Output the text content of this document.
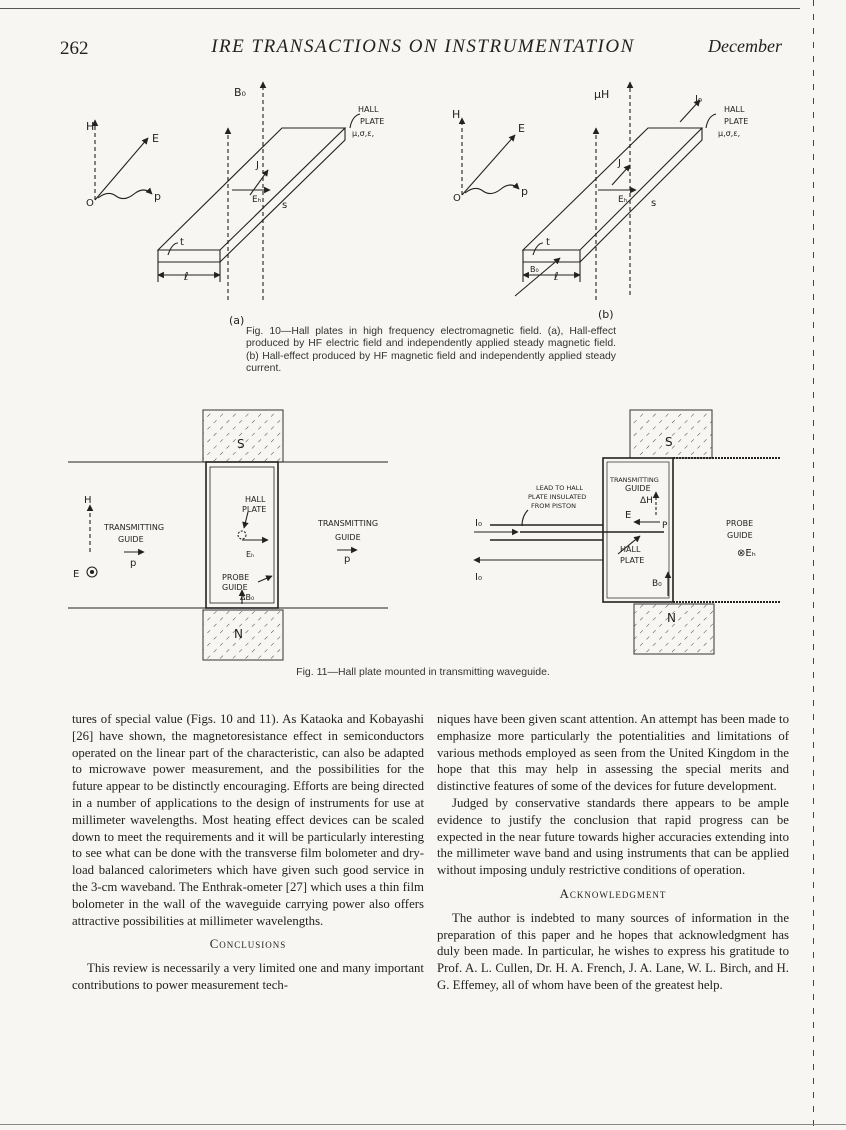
262	IRE TRANSACTIONS ON INSTRUMENTATION	December
B₀
H
E
O
p
HALL
PLATE
μ,σ,ε,
J
Eₕ s
t
ℓ
(a)
μH	I₀
H
E
O
p
HALL
PLATE
μ,σ,ε,
J
Eₕ s
t
ℓ
B₀
(b)
S
N
H
E
TRANSMITTING
GUIDE
p
TRANSMITTING
GUIDE
p
HALL
PLATE
Eₕ
PROBE
GUIDE
ΔB₀
S
N
TRANSMITTING
GUIDE
ΔH
LEAD TO HALL
PLATE INSULATED
FROM PISTON
I₀
I₀
E
P
HALL
PLATE
B₀
PROBE
GUIDE
⊗Eₕ
Fig. 10—Hall plates in high frequency electromagnetic field. (a), Hall-effect produced by HF electric field and independently applied steady magnetic field. (b) Hall-effect produced by HF magnetic field and independently applied steady current.
Fig. 11—Hall plate mounted in transmitting waveguide.

tures of special value (Figs. 10 and 11). As Kataoka and Kobayashi [26] have shown, the magnetoresistance effect in semiconductors operated on the linear part of the characteristic, can also be adapted to microwave power measurement, and the possibilities for the future appear to be distinctly encouraging. Efforts are being directed in a number of applications to the design of instruments for use at millimeter wavelengths. Most heating effect devices can be scaled down to meet the requirements and it will be particularly interesting to see what can be done with the transverse film bolometer and dry-load balanced calorimeters which have given such good service in the 3-cm waveband. The Enthrak-ometer [27] which uses a thin film bolometer in the wall of the waveguide carrying power also offers attractive possibilities at millimeter wavelengths.

Conclusions

This review is necessarily a very limited one and many important contributions to power measurement tech-

niques have been given scant attention. An attempt has been made to emphasize more particularly the potentialities and limitations of various methods employed as seen from the United Kingdom in the hope that this may help in assessing the special merits and distinctive features of some of the devices for future development.

Judged by conservative standards there appears to be ample evidence to justify the conclusion that rapid progress can be expected in the near future towards higher accuracies extending into the millimeter wave band and using instruments that can be applied without imposing unduly restrictive conditions of operation.

Acknowledgment

The author is indebted to many sources of information in the preparation of this paper and he hopes that acknowledgment has duly been made. In particular, he wishes to express his gratitude to Prof. A. L. Cullen, Dr. H. A. French, J. A. Lane, W. L. Birch, and H. G. Effemey, all of whom have been of the greatest help.
